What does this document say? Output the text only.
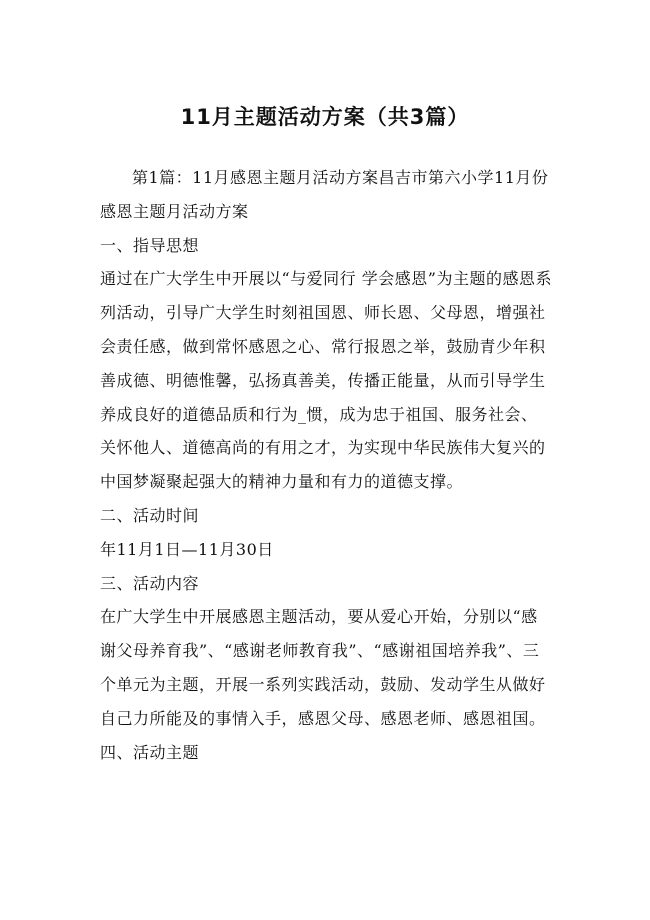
11月主题活动方案（共3篇）

第1篇：11月感恩主题月活动方案昌吉市第六小学11月份感恩主题月活动方案

一、指导思想

通过在广大学生中开展以“与爱同行 学会感恩”为主题的感恩系列活动，引导广大学生时刻祖国恩、师长恩、父母恩，增强社会责任感，做到常怀感恩之心、常行报恩之举，鼓励青少年积善成德、明德惟馨，弘扬真善美，传播正能量，从而引导学生养成良好的道德品质和行为_惯，成为忠于祖国、服务社会、关怀他人、道德高尚的有用之才，为实现中华民族伟大复兴的中国梦凝聚起强大的精神力量和有力的道德支撑。

二、活动时间

年11月1日—11月30日

三、活动内容

在广大学生中开展感恩主题活动，要从爱心开始，分别以“感谢父母养育我”、“感谢老师教育我”、“感谢祖国培养我”、三个单元为主题，开展一系列实践活动，鼓励、发动学生从做好自己力所能及的事情入手，感恩父母、感恩老师、感恩祖国。

四、活动主题
